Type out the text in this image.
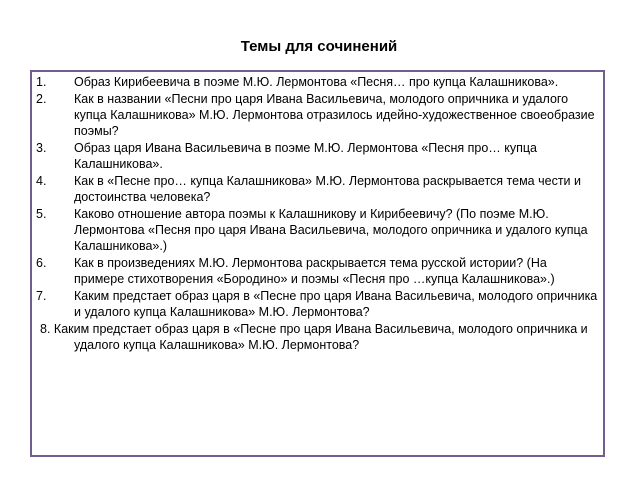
Темы для сочинений
1. Образ Кирибеевича в поэме М.Ю. Лермонтова «Песня… про купца Калашникова».
2. Как в названии «Песни про царя Ивана Васильевича, молодого опричника и удалого купца Калашникова» М.Ю. Лермонтова отразилось идейно-художественное своеобразие поэмы?
3. Образ царя Ивана Васильевича в поэме М.Ю. Лермонтова «Песня про… купца Калашникова».
4. Как в «Песне про… купца Калашникова» М.Ю. Лермонтова раскрывается тема чести и достоинства человека?
5. Каково отношение автора поэмы к Калашникову и Кирибеевичу? (По поэме М.Ю. Лермонтова «Песня про царя Ивана Васильевича, молодого опричника и удалого купца Калашникова».)
6. Как в произведениях М.Ю. Лермонтова раскрывается тема русской истории? (На примере стихотворения «Бородино» и поэмы «Песня про …купца Калашникова».)
7. Каким предстает образ царя в «Песне про царя Ивана Васильевича, молодого опричника и удалого купца Калашникова» М.Ю. Лермонтова?
8. Каким предстает образ царя в «Песне про царя Ивана Васильевича, молодого опричника и удалого купца Калашникова» М.Ю. Лермонтова?
